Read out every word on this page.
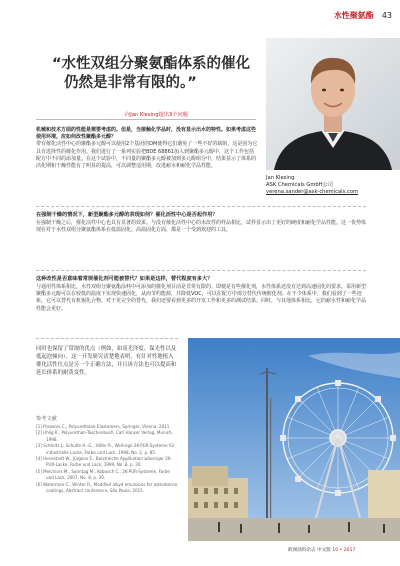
水性聚氨酯 43
“水性双组分聚氨酯体系的催化
仍然是非常有限的。”
向Jan Klesing提出3个问题
Jan Klesing
ASK Chemicals GmbH公司
verena.sander@ask-chemicals.com

机械和技术方面的性能是需要考虑的。但是，当接触化学品时，没有显示出水的特性。如果考虑这些使用环境，应如何改性聚酯多元醇？
带有催化活性中心的聚酯多元醇可以使用2个基团的DM使得它们避免了一些不好的缺陷，这是因为它具有选择性的催化作用。我们进行了一系列实验把BDE 68861加入到聚酯多元醇中，这个工作包括配方中不同的添加量。在这个试验中，不同量的聚酯多元醇被加到多元醇组分中，结果显示了体系的活化期和干燥性能有了明显的提高，可以调整适用期，改进耐水和耐化学品性能。

在强制干燥的情况下，新型聚酯多元醇的表现如何？催化活性中心是否起作用？

在强制干燥之后，催化活性中心也具有显著的效果。与没有催化活性中心的未改性的样品相比，试样显示出了更好的硬度和耐化学品性能。这一优势体现在对于水性双组分聚氨酯体系在低温固化、高温固化方面，都是一个受到欢迎的工具。

这种改性是否意味着常规催化剂可能被替代？如果是这样，替代程度有多大？

与通用性体系相比，水性双组分聚氨酯涂料中可添加的催化剂目前是非常有限的。即便是有些催化剂，水性体系还没有达到高速固化的要求。采用新型聚酯多元醇可以在较低的温度下实现快速固化，从而节约能源，并降低VOC，可以在配方中部分替代传统催化剂。在不少体系中，我们看到了一些迹象，它可以替代有机锡化合物，对于更完全的替代，我们还要看到更多的开发工作和更多的测试结果。同时，与其他体系相比，它的耐水性和耐化学品性能会更好。

同时也保留了常规的优点（例如，如高光泽度、保光性以及低起泡倾向）。这一开发研究清楚地表明，有针对性地植入催化活性位点是另一个正确方法，并且该方法也可以提高和延长体系的耐黄变性。

参考文献
[1] Prazeres C., Polyurethane Elastomers, Springer, Vienna, 2011.
[2] Uhlig K., Polyurethan-Taschenbuch, Carl Hanser Verlag, Munich, 1998.
[3] Schmitz J., Schulte H.-G., Höfer R., Weihrige 2K-PUR-Systeme für industrielle Lacke, Farbe und Lack, 1998, No. 2, p. 85.
[4] Hovestadt W., Jürgens E., Beistreiche Applikation wässriger 2K-PUR-Lacke, Farbe und Lack, 1999, No. 8, p. 30.
[5] Melchiors M., Sonntag M., Kobusch C., 2K-PUR-Systeme, Farbe und Lack, 2007, No. 8, p. 30.
[6] Waterman C., Winter R., Modified alkyd emulsions for waterborne coatings, Abstract conference, São Paulo, 2015.
欧洲涂料杂志 中文版 10 • 2017
